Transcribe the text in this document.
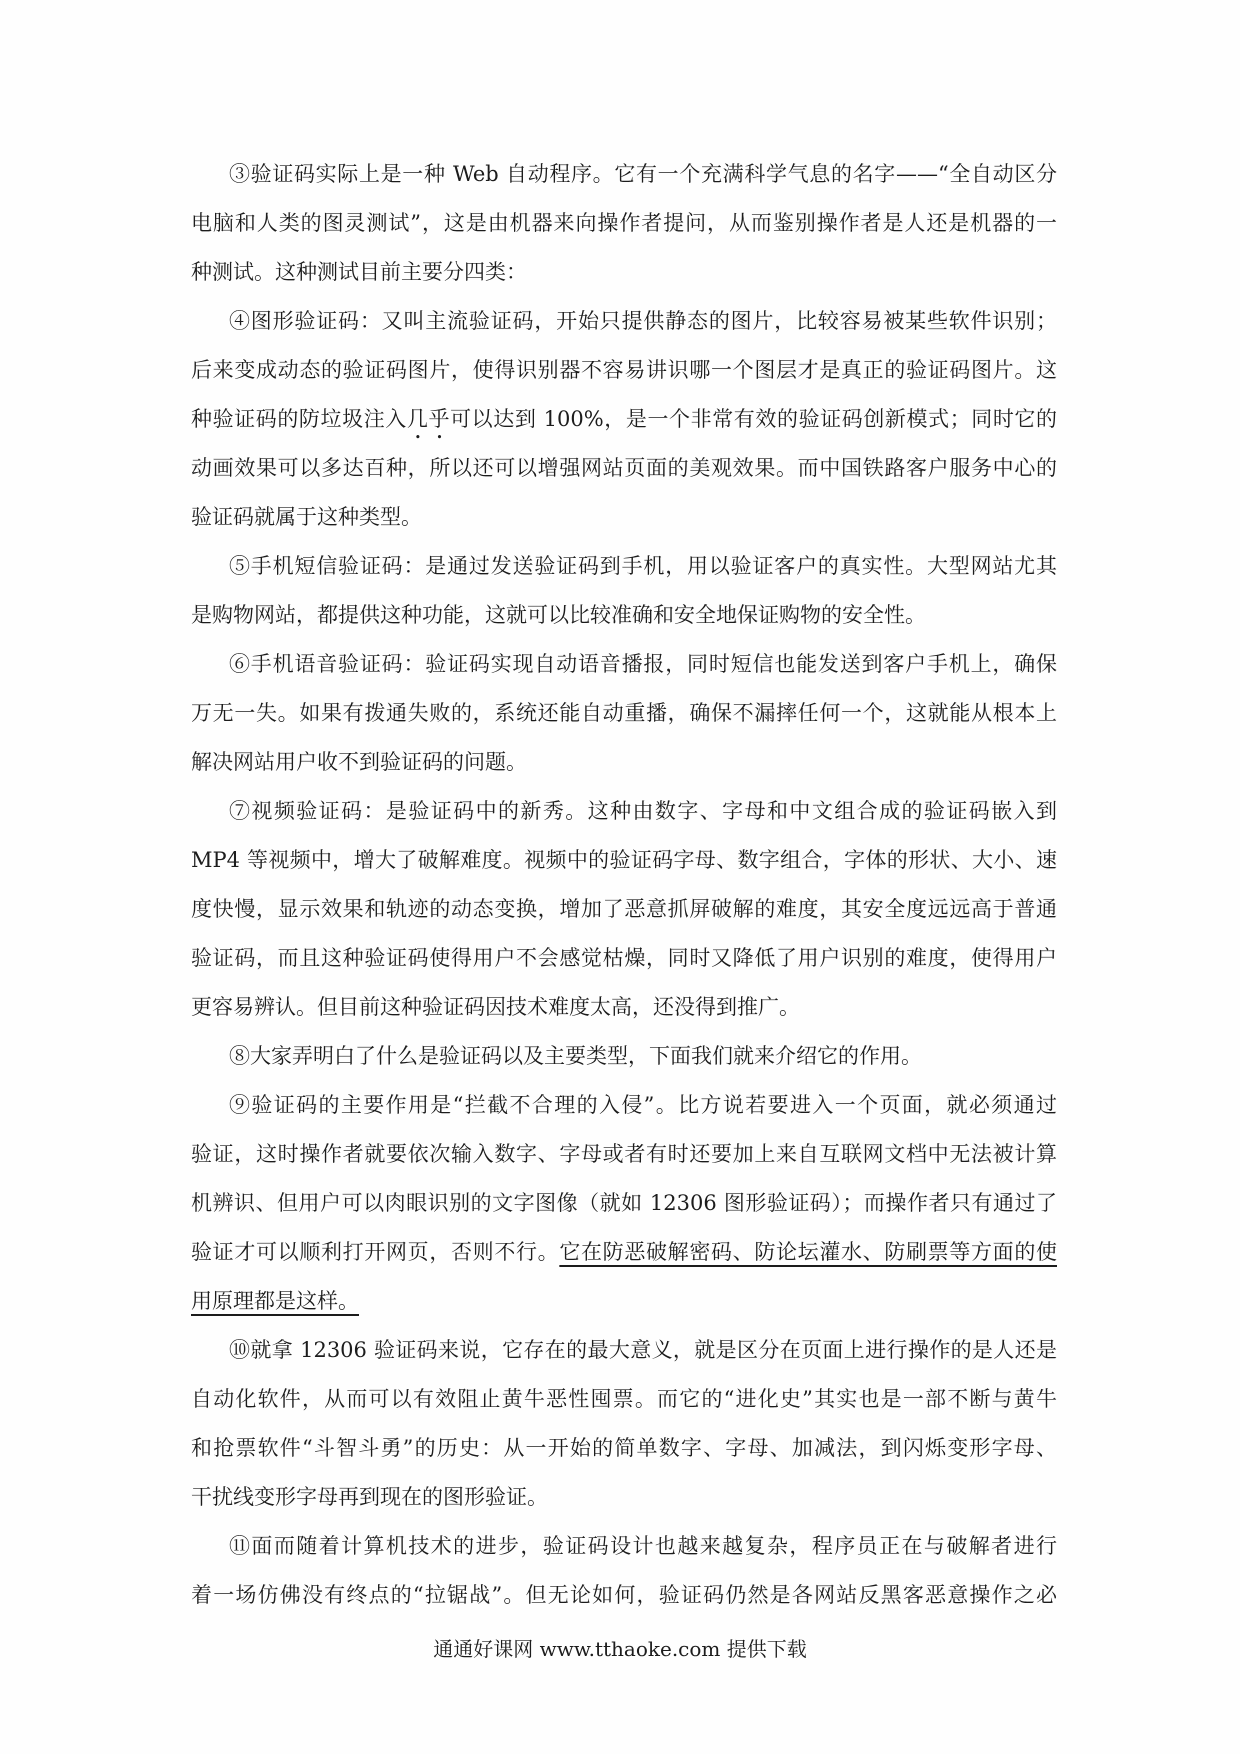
③验证码实际上是一种 Web 自动程序。它有一个充满科学气息的名字——“全自动区分
电脑和人类的图灵测试”，这是由机器来向操作者提问，从而鉴别操作者是人还是机器的一
种测试。这种测试目前主要分四类：
④图形验证码：又叫主流验证码，开始只提供静态的图片，比较容易被某些软件识别；
后来变成动态的验证码图片，使得识别器不容易讲识哪一个图层才是真正的验证码图片。这
种验证码的防垃圾注入几乎可以达到 100%，是一个非常有效的验证码创新模式；同时它的
动画效果可以多达百种，所以还可以增强网站页面的美观效果。而中国铁路客户服务中心的
验证码就属于这种类型。
⑤手机短信验证码：是通过发送验证码到手机，用以验证客户的真实性。大型网站尤其
是购物网站，都提供这种功能，这就可以比较准确和安全地保证购物的安全性。
⑥手机语音验证码：验证码实现自动语音播报，同时短信也能发送到客户手机上，确保
万无一失。如果有拨通失败的，系统还能自动重播，确保不漏摔任何一个，这就能从根本上
解决网站用户收不到验证码的问题。
⑦视频验证码：是验证码中的新秀。这种由数字、字母和中文组合成的验证码嵌入到
MP4 等视频中，增大了破解难度。视频中的验证码字母、数字组合，字体的形状、大小、速
度快慢，显示效果和轨迹的动态变换，增加了恶意抓屏破解的难度，其安全度远远高于普通
验证码，而且这种验证码使得用户不会感觉枯燥，同时又降低了用户识别的难度，使得用户
更容易辨认。但目前这种验证码因技术难度太高，还没得到推广。
⑧大家弄明白了什么是验证码以及主要类型，下面我们就来介绍它的作用。
⑨验证码的主要作用是“拦截不合理的入侵”。比方说若要进入一个页面，就必须通过
验证，这时操作者就要依次输入数字、字母或者有时还要加上来自互联网文档中无法被计算
机辨识、但用户可以肉眼识别的文字图像（就如 12306 图形验证码）；而操作者只有通过了
验证才可以顺利打开网页，否则不行。它在防恶破解密码、防论坛灌水、防刷票等方面的使
用原理都是这样。
⑩就拿 12306 验证码来说，它存在的最大意义，就是区分在页面上进行操作的是人还是
自动化软件，从而可以有效阻止黄牛恶性囤票。而它的“进化史”其实也是一部不断与黄牛
和抢票软件“斗智斗勇”的历史：从一开始的简单数字、字母、加减法，到闪烁变形字母、
干扰线变形字母再到现在的图形验证。
⑪面而随着计算机技术的进步，验证码设计也越来越复杂，程序员正在与破解者进行
着一场仿佛没有终点的“拉锯战”。但无论如何，验证码仍然是各网站反黑客恶意操作之必
通通好课网 www.tthaoke.com 提供下载
